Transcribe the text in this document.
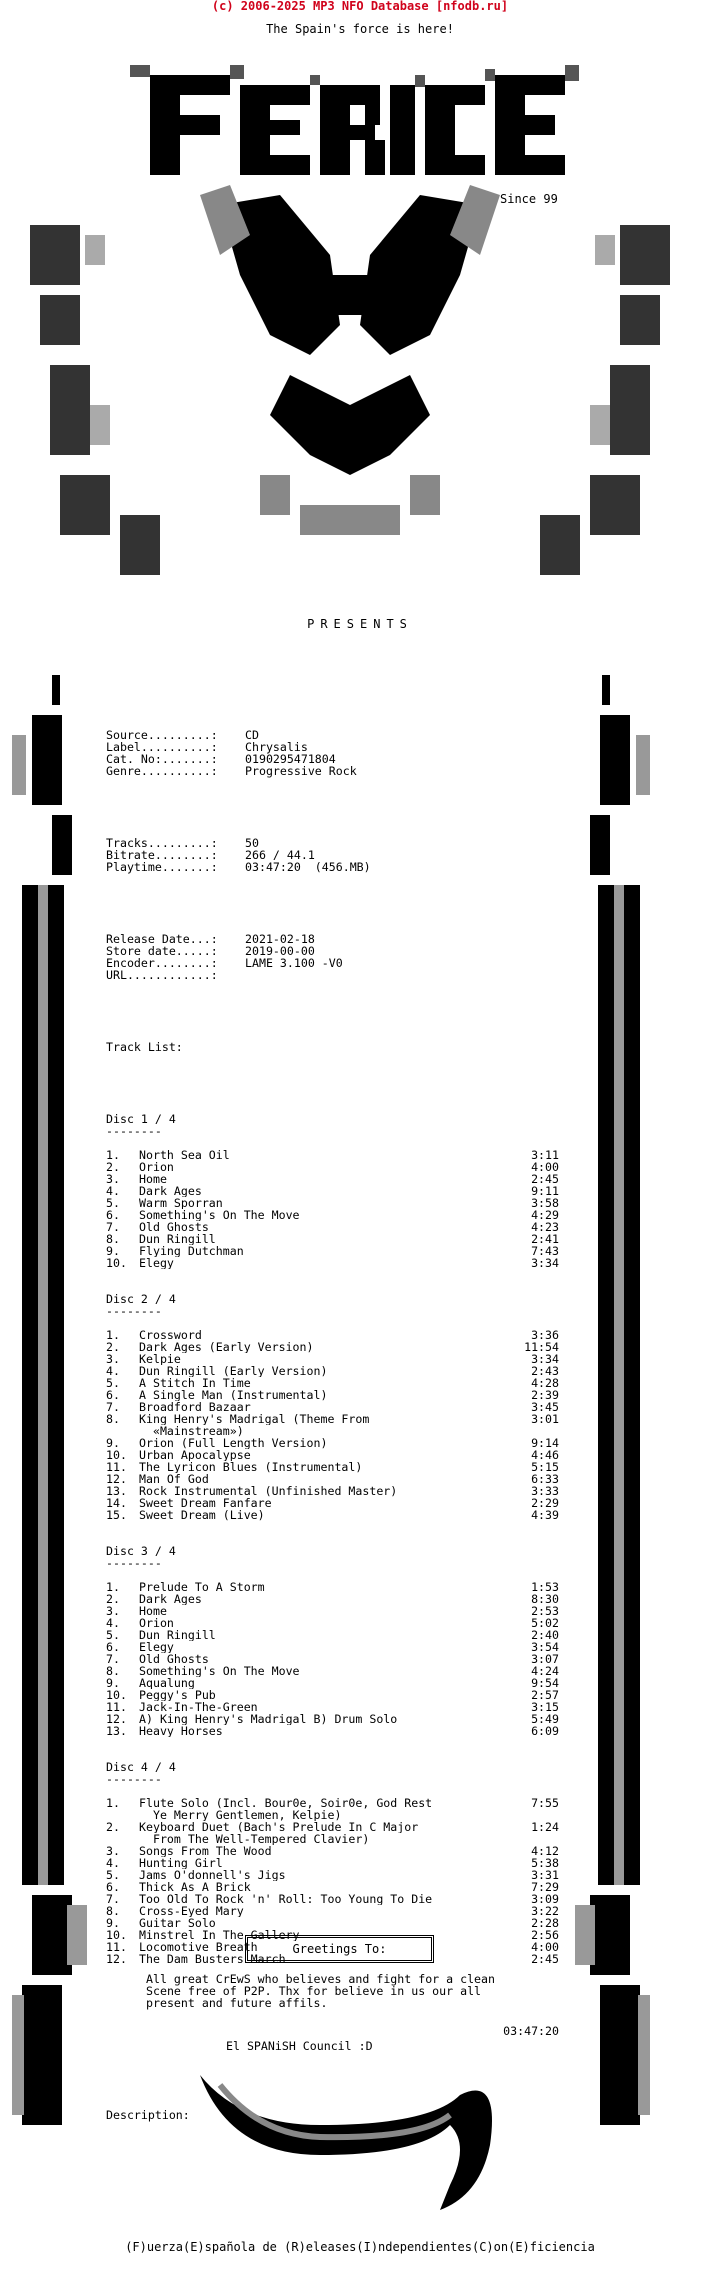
(c) 2006-2025 MP3 NFO Database [nfodb.ru]
The Spain's force is here!
Since 99
PRESENTS

Source.........:	CD
Label..........:	Chrysalis
Cat. No:.......:	0190295471804
Genre..........:	Progressive Rock

Tracks.........:	50
Bitrate........:	266 / 44.1
Playtime.......:	03:47:20  (456.MB)

Release Date...:	2021-02-18
Store date.....:	2019-00-00
Encoder........:	LAME 3.100 -V0
URL............:

Track List:

Disc 1 / 4
--------
1.	North Sea Oil	3:11
2.	Orion	4:00
3.	Home	2:45
4.	Dark Ages	9:11
5.	Warm Sporran	3:58
6.	Something's On The Move	4:29
7.	Old Ghosts	4:23
8.	Dun Ringill	2:41
9.	Flying Dutchman	7:43
10.	Elegy	3:34
Disc 2 / 4
--------
1.	Crossword	3:36
2.	Dark Ages (Early Version)	11:54
3.	Kelpie	3:34
4.	Dun Ringill (Early Version)	2:43
5.	A Stitch In Time	4:28
6.	A Single Man (Instrumental)	2:39
7.	Broadford Bazaar	3:45
8.	King Henry's Madrigal (Theme From	3:01
«Mainstream»)
9.	Orion (Full Length Version)	9:14
10.	Urban Apocalypse	4:46
11.	The Lyricon Blues (Instrumental)	5:15
12.	Man Of God	6:33
13.	Rock Instrumental (Unfinished Master)	3:33
14.	Sweet Dream Fanfare	2:29
15.	Sweet Dream (Live)	4:39
Disc 3 / 4
--------
1.	Prelude To A Storm	1:53
2.	Dark Ages	8:30
3.	Home	2:53
4.	Orion	5:02
5.	Dun Ringill	2:40
6.	Elegy	3:54
7.	Old Ghosts	3:07
8.	Something's On The Move	4:24
9.	Aqualung	9:54
10.	Peggy's Pub	2:57
11.	Jack-In-The-Green	3:15
12.	A) King Henry's Madrigal B) Drum Solo	5:49
13.	Heavy Horses	6:09
Disc 4 / 4
--------
1.	Flute Solo (Incl. Bour0e, Soir0e, God Rest	7:55
Ye Merry Gentlemen, Kelpie)
2.	Keyboard Duet (Bach's Prelude In C Major	1:24
From The Well-Tempered Clavier)
3.	Songs From The Wood	4:12
4.	Hunting Girl	5:38
5.	Jams O'donnell's Jigs	3:31
6.	Thick As A Brick	7:29
7.	Too Old To Rock 'n' Roll: Too Young To Die	3:09
8.	Cross-Eyed Mary	3:22
9.	Guitar Solo	2:28
10.	Minstrel In The Gallery	2:56
11.	Locomotive Breath	4:00
12.	The Dam Busters March	2:45

03:47:20

Description:

Greetings To:
All great CrEwS who believes and fight for a clean
Scene free of P2P. Thx for believe in us our all
present and future affils.
El SPANiSH Council :D
(F)uerza(E)spañola de (R)eleases(I)ndependientes(C)on(E)ficiencia
